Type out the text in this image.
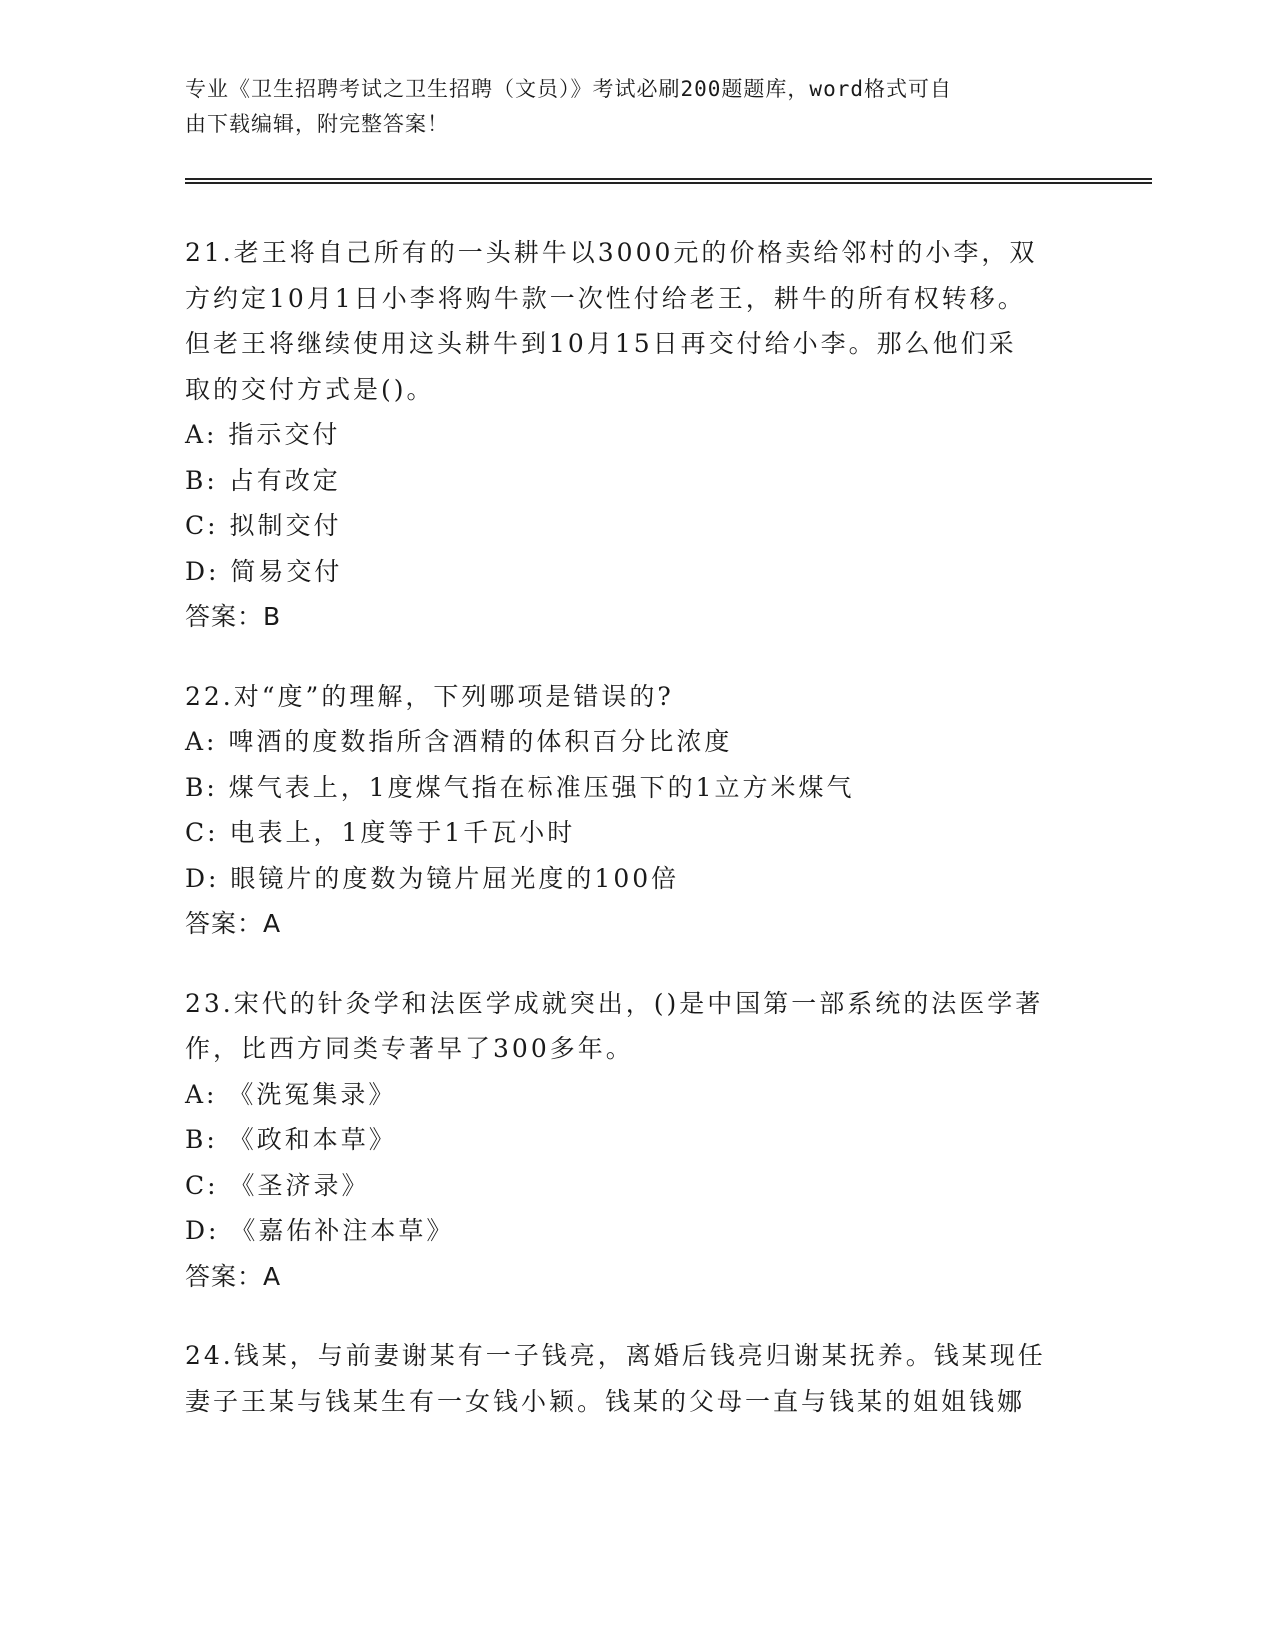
专业《卫生招聘考试之卫生招聘（文员）》考试必刷200题题库，word格式可自
由下载编辑，附完整答案！

21.老王将自己所有的一头耕牛以3000元的价格卖给邻村的小李，双

方约定10月1日小李将购牛款一次性付给老王，耕牛的所有权转移。

但老王将继续使用这头耕牛到10月15日再交付给小李。那么他们采

取的交付方式是()。

A: 指示交付

B: 占有改定

C: 拟制交付

D: 简易交付

答案：B

22.对“度”的理解，下列哪项是错误的?

A: 啤酒的度数指所含酒精的体积百分比浓度

B: 煤气表上，1度煤气指在标准压强下的1立方米煤气

C: 电表上，1度等于1千瓦小时

D: 眼镜片的度数为镜片屈光度的100倍

答案：A

23.宋代的针灸学和法医学成就突出，()是中国第一部系统的法医学著

作，比西方同类专著早了300多年。

A: 《洗冤集录》

B: 《政和本草》

C: 《圣济录》

D: 《嘉佑补注本草》

答案：A

24.钱某，与前妻谢某有一子钱亮，离婚后钱亮归谢某抚养。钱某现任

妻子王某与钱某生有一女钱小颖。钱某的父母一直与钱某的姐姐钱娜
